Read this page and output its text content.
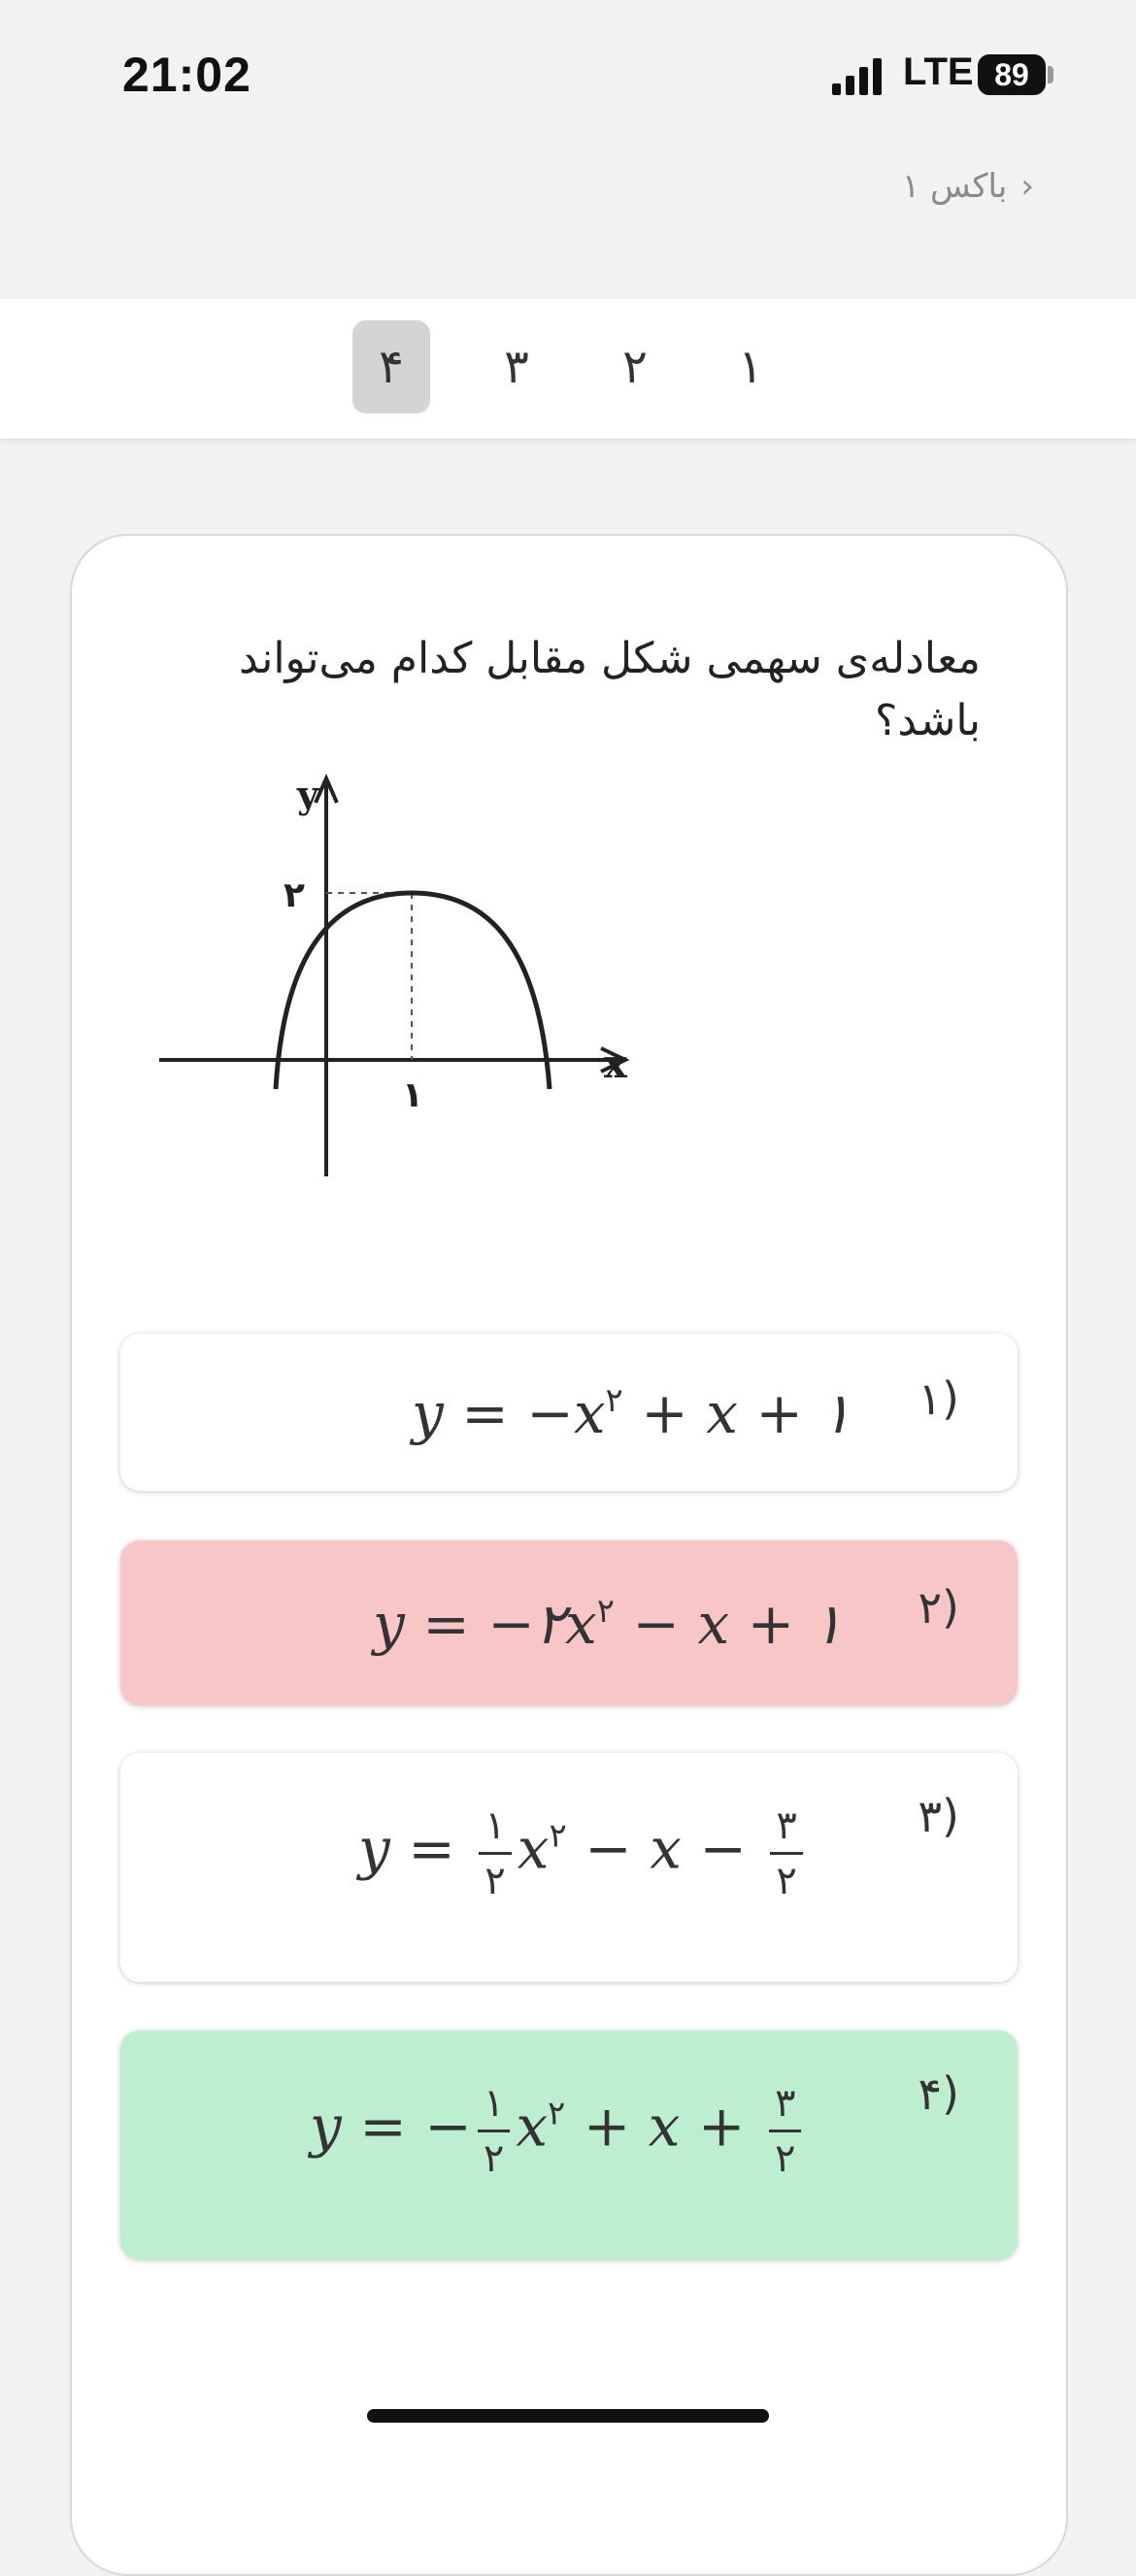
21:02	LTE 89
‹باکس ۱
۱
۲
۳
۴
معادله‌ی سهمی شکل مقابل کدام می‌تواند باشد؟
y
x
۲
۱
(۱
$y = -x^۲ + x$ + ۱
(۲
$y = -۲x^۲ - x$ + ۱
(۳
$y = \frac{۱}{۲} x^۲ - x - \frac{۳}{۲}$
(۴
y = − $\frac{۱}{۲} x^۲ + x + \frac{۳}{۲}$
